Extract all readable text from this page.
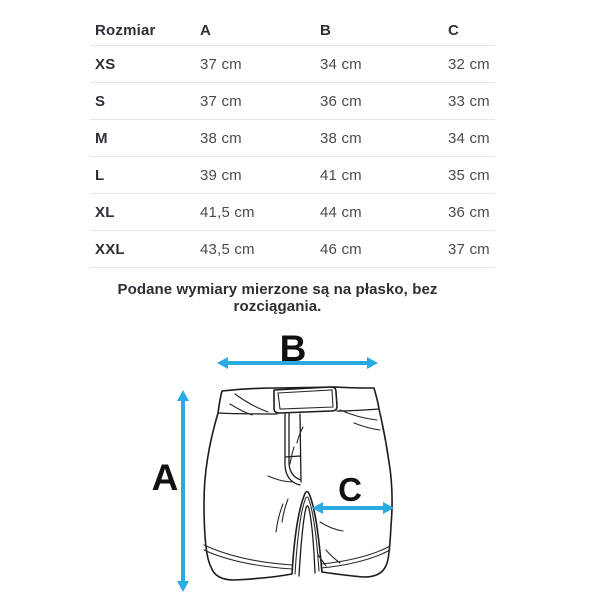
Rozmiar	A	B	C
XS	37 cm	34 cm	32 cm
S	37 cm	36 cm	33 cm
M	38 cm	38 cm	34 cm
L	39 cm	41 cm	35 cm
XL	41,5 cm	44 cm	36 cm
XXL	43,5 cm	46 cm	37 cm
Podane wymiary mierzone są na płasko, bez rozciągania.
B
A	C
